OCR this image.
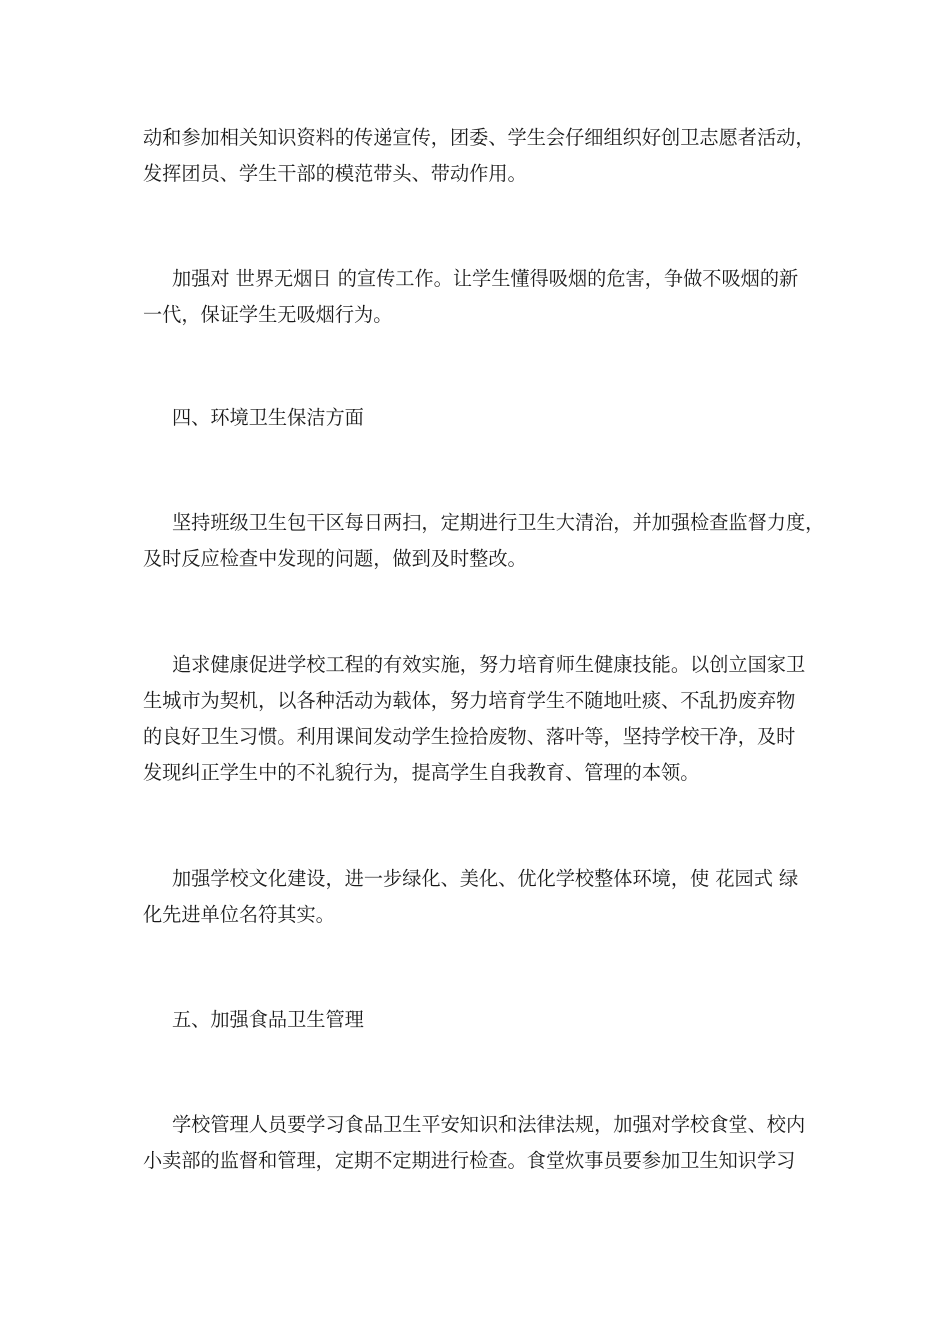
动和参加相关知识资料的传递宣传，团委、学生会仔细组织好创卫志愿者活动，

发挥团员、学生干部的模范带头、带动作用。

加强对 世界无烟日 的宣传工作。让学生懂得吸烟的危害，争做不吸烟的新

一代，保证学生无吸烟行为。

四、环境卫生保洁方面

坚持班级卫生包干区每日两扫，定期进行卫生大清治，并加强检查监督力度，

及时反应检查中发现的问题，做到及时整改。

追求健康促进学校工程的有效实施，努力培育师生健康技能。以创立国家卫

生城市为契机，以各种活动为载体，努力培育学生不随地吐痰、不乱扔废弃物

的良好卫生习惯。利用课间发动学生捡拾废物、落叶等，坚持学校干净，及时

发现纠正学生中的不礼貌行为，提高学生自我教育、管理的本领。

加强学校文化建设，进一步绿化、美化、优化学校整体环境，使 花园式 绿

化先进单位名符其实。

五、加强食品卫生管理

学校管理人员要学习食品卫生平安知识和法律法规，加强对学校食堂、校内

小卖部的监督和管理，定期不定期进行检查。食堂炊事员要参加卫生知识学习
